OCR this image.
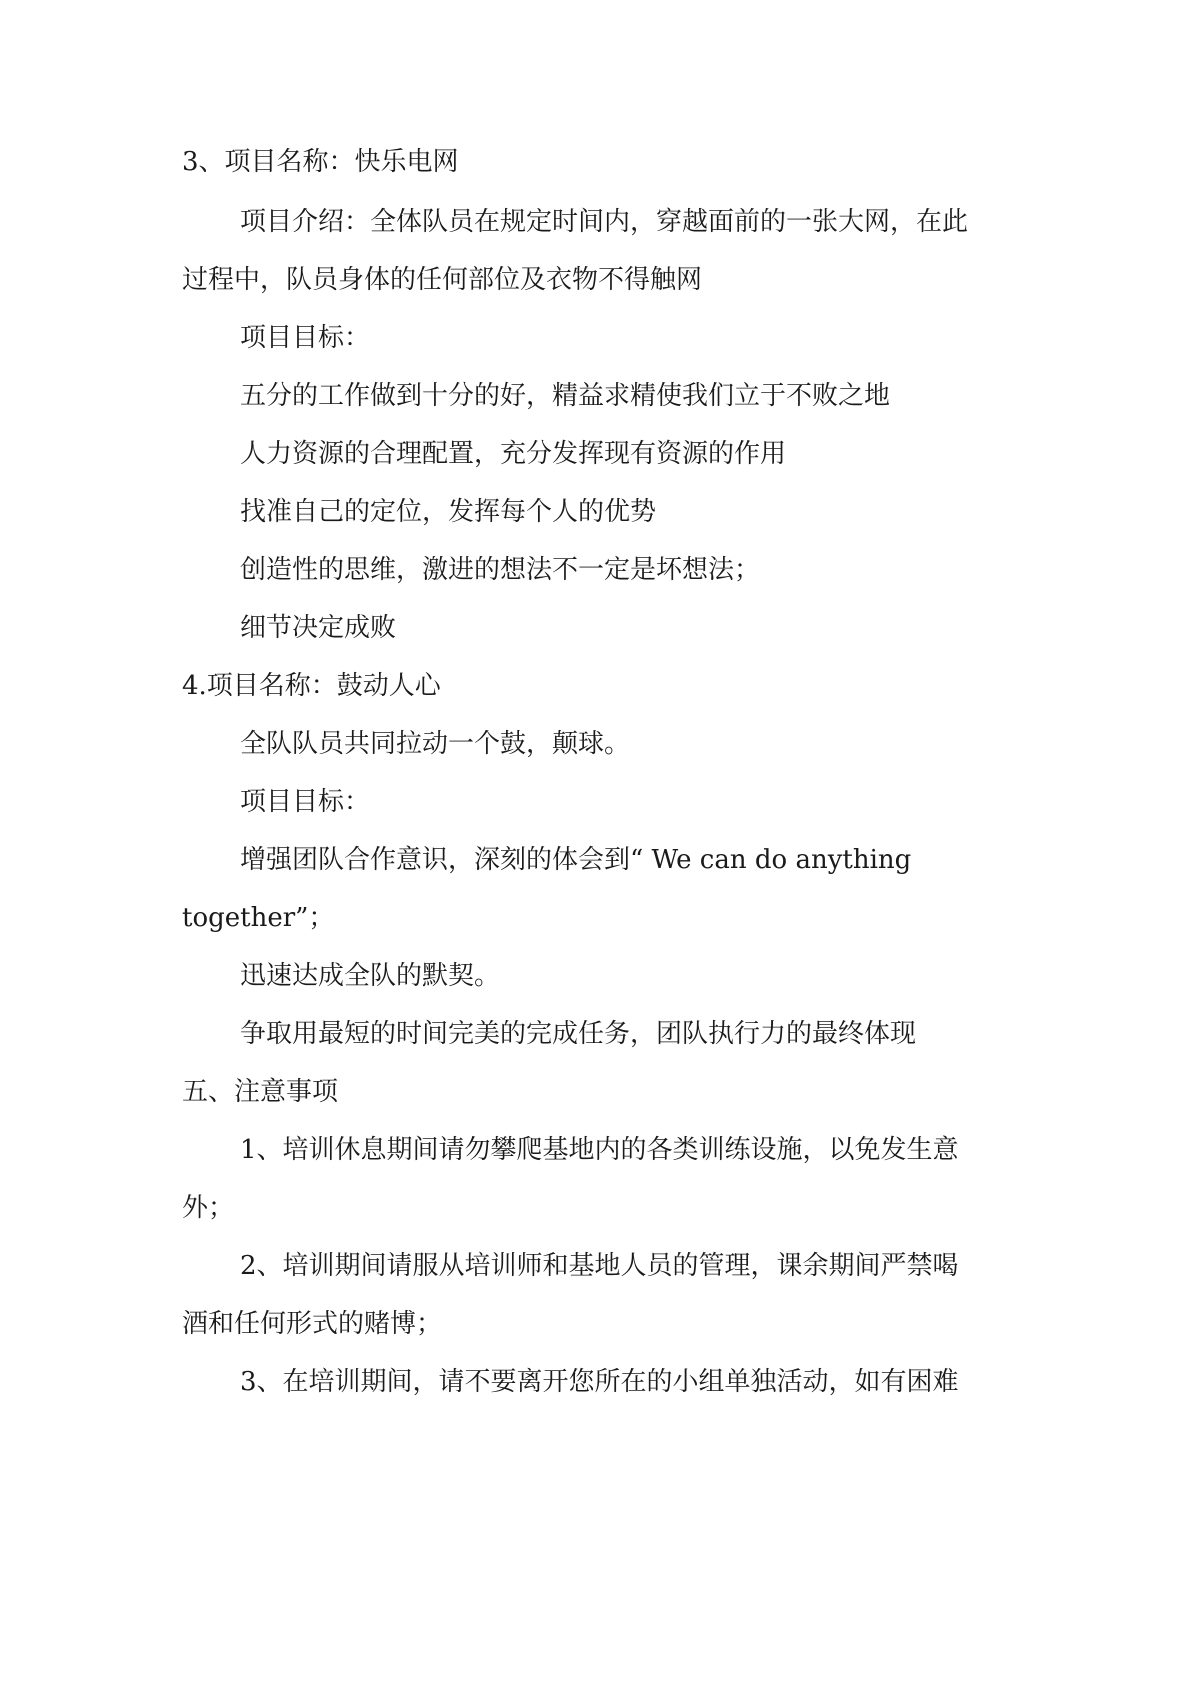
3、项目名称：快乐电网
项目介绍：全体队员在规定时间内，穿越面前的一张大网，在此
过程中，队员身体的任何部位及衣物不得触网
项目目标：
五分的工作做到十分的好，精益求精使我们立于不败之地
人力资源的合理配置，充分发挥现有资源的作用
找准自己的定位，发挥每个人的优势
创造性的思维，激进的想法不一定是坏想法；
细节决定成败
4.项目名称：鼓动人心
全队队员共同拉动一个鼓，颠球。
项目目标：
增强团队合作意识，深刻的体会到“ We can do anything
together”；
迅速达成全队的默契。
争取用最短的时间完美的完成任务，团队执行力的最终体现
五、注意事项
1、培训休息期间请勿攀爬基地内的各类训练设施，以免发生意
外；
2、培训期间请服从培训师和基地人员的管理，课余期间严禁喝
酒和任何形式的赌博；
3、在培训期间，请不要离开您所在的小组单独活动，如有困难
